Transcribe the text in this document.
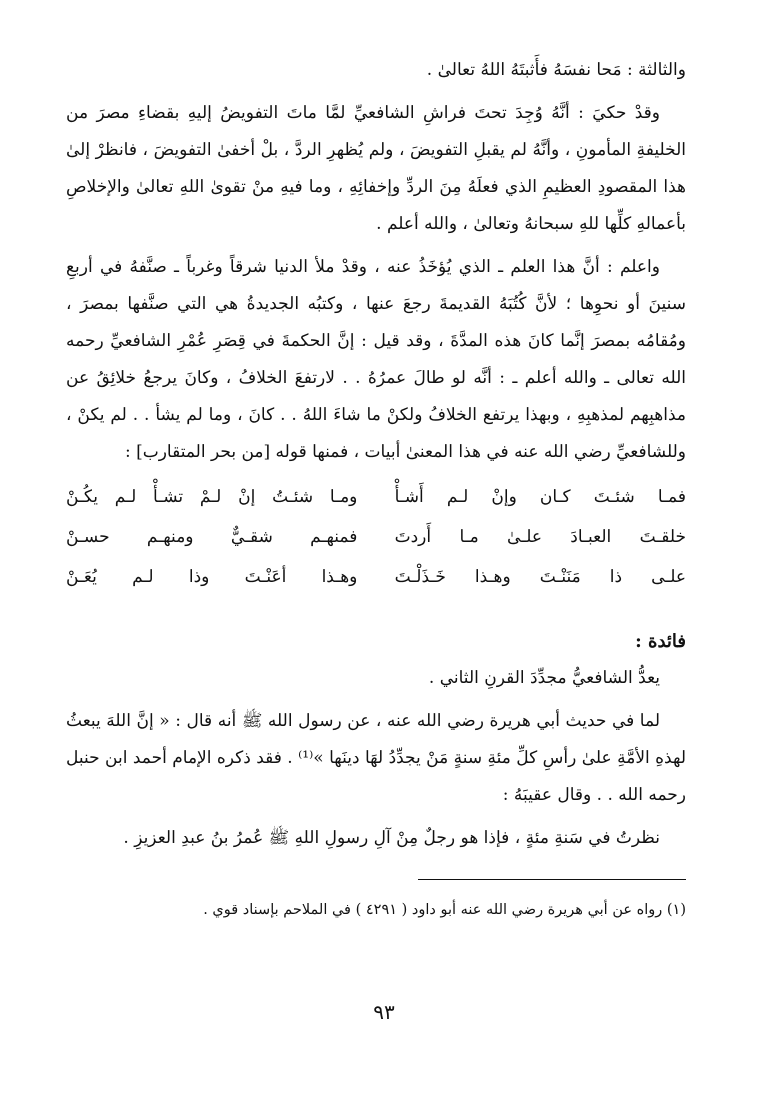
والثالثة : مَحا نفسَهُ فأَثبتَهُ اللهُ تعالىٰ .

وقدْ حكيَ : أنَّهُ وُجِدَ تحتَ فراشِ الشافعيِّ لمَّا ماتَ التفويضُ إليهِ بقضاءِ مصرَ من الخليفةِ المأمونِ ، وأنَّهُ لم يقبلِ التفويضَ ، ولم يُظهرِ الردَّ ، بلْ أخفىٰ التفويضَ ، فانظرْ إلىٰ هذا المقصودِ العظيمِ الذي فعلَهُ مِنَ الردِّ وإخفائِهِ ، وما فيهِ منْ تقوىٰ اللهِ تعالىٰ والإخلاصِ بأعمالهِ كلِّها للهِ سبحانهُ وتعالىٰ ، والله أعلم .

واعلم : أنَّ هذا العلم ـ الذي يُؤخَذُ عنه ، وقدْ ملأ الدنيا شرقاً وغرباً ـ صنَّفهُ في أربعِ سنينَ أو نحوِها ؛ لأنَّ كُتُبَهُ القديمةَ رجعَ عنها ، وكتبُه الجديدةُ هي التي صنَّفها بمصرَ ، ومُقامُه بمصرَ إنَّما كانَ هذه المدَّةَ ، وقد قيل : إنَّ الحكمةَ في قِصَرِ عُمْرِ الشافعيِّ رحمه الله تعالى ـ والله أعلم ـ : أنَّه لو طالَ عمرُهُ . . لارتفعَ الخلافُ ، وكانَ يرجعُ خلائِقُ عن مذاهبِهم لمذهبِهِ ، وبهذا يرتفع الخلافُ ولكنْ ما شاءَ اللهُ . . كانَ ، وما لم يشأ . . لم يكنْ ، وللشافعيِّ رضي الله عنه في هذا المعنىٰ أبيات ، فمنها قوله [من بحر المتقارب] :

فمـا شئـتَ كـان وإنْ لـم أَشـأْ
ومـا شئـتُ إنْ لـمْ تشـأْ لـم يكُـنْ
خلقـتَ العبـادَ علـىٰ مـا أَردتَ
فمنهـم شقـيٌّ ومنهـم حسـنْ
علـى ذا مَنَنْـتَ وهـذا خَـذَلْـتَ
وهـذا أعَنْـتَ وذا لـم يُعَـنْ
فائدة :

يعدُّ الشافعيُّ مجدِّدَ القرنِ الثاني .

لما في حديث أبي هريرة رضي الله عنه ، عن رسول الله ﷺ أنه قال : « إنَّ اللهَ يبعثُ لهذهِ الأمَّةِ علىٰ رأسِ كلِّ مئةِ سنةٍ مَنْ يجدِّدُ لهَا دينَها »⁽¹⁾ . فقد ذكره الإمام أحمد ابن حنبل رحمه الله . . وقال عقيبَهُ :

نظرتُ في سَنةِ مئةٍ ، فإذا هو رجلٌ مِنْ آلِ رسولِ اللهِ ﷺ عُمرُ بنُ عبدِ العزيزِ .

(١) رواه عن أبي هريرة رضي الله عنه أبو داود ( ٤٢٩١ ) في الملاحم بإسناد قوي .

٩٣
